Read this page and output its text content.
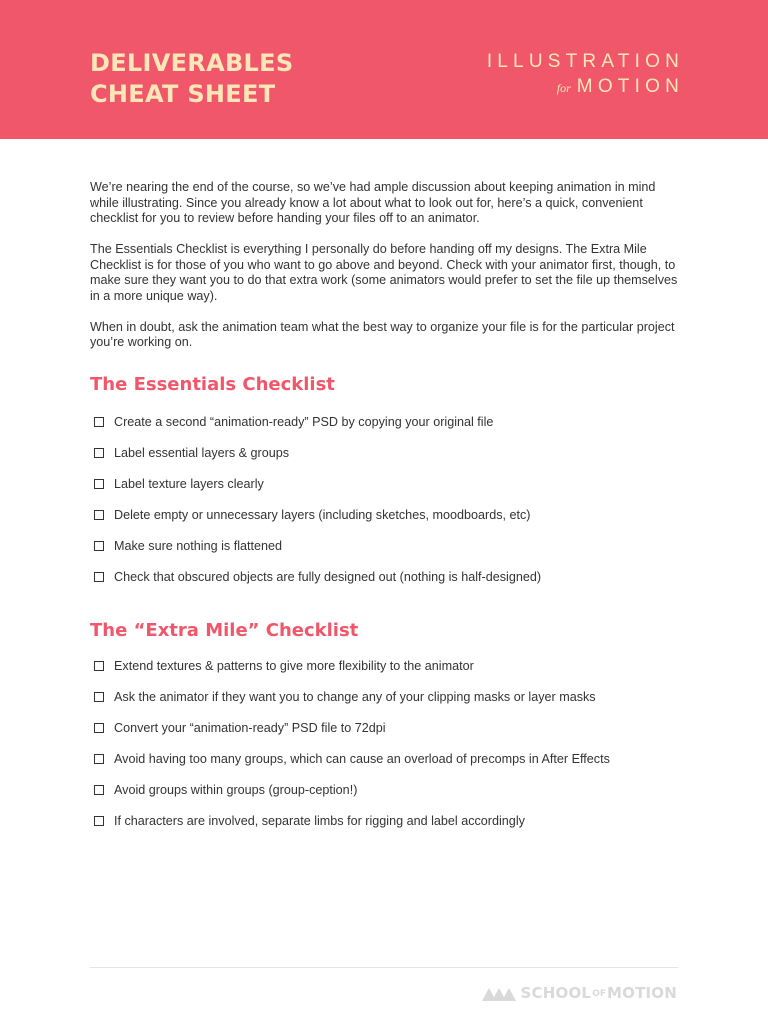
DELIVERABLES
CHEAT SHEET
ILLUSTRATION
for MOTION

We’re nearing the end of the course, so we’ve had ample discussion about keeping animation in mind while illustrating. Since you already know a lot about what to look out for, here’s a quick, convenient checklist for you to review before handing your files off to an animator.

The Essentials Checklist is everything I personally do before handing off my designs. The Extra Mile Checklist is for those of you who want to go above and beyond. Check with your animator first, though, to make sure they want you to do that extra work (some animators would prefer to set the file up themselves in a more unique way).

When in doubt, ask the animation team what the best way to organize your file is for the particular project you’re working on.

The Essentials Checklist
Create a second “animation-ready” PSD by copying your original file
Label essential layers & groups
Label texture layers clearly
Delete empty or unnecessary layers (including sketches, moodboards, etc)
Make sure nothing is flattened
Check that obscured objects are fully designed out (nothing is half-designed)
The “Extra Mile” Checklist
Extend textures & patterns to give more flexibility to the animator
Ask the animator if they want you to change any of your clipping masks or layer masks
Convert your “animation-ready” PSD file to 72dpi
Avoid having too many groups, which can cause an overload of precomps in After Effects
Avoid groups within groups (group-ception!)
If characters are involved, separate limbs for rigging and label accordingly
SCHOOL OF MOTION
